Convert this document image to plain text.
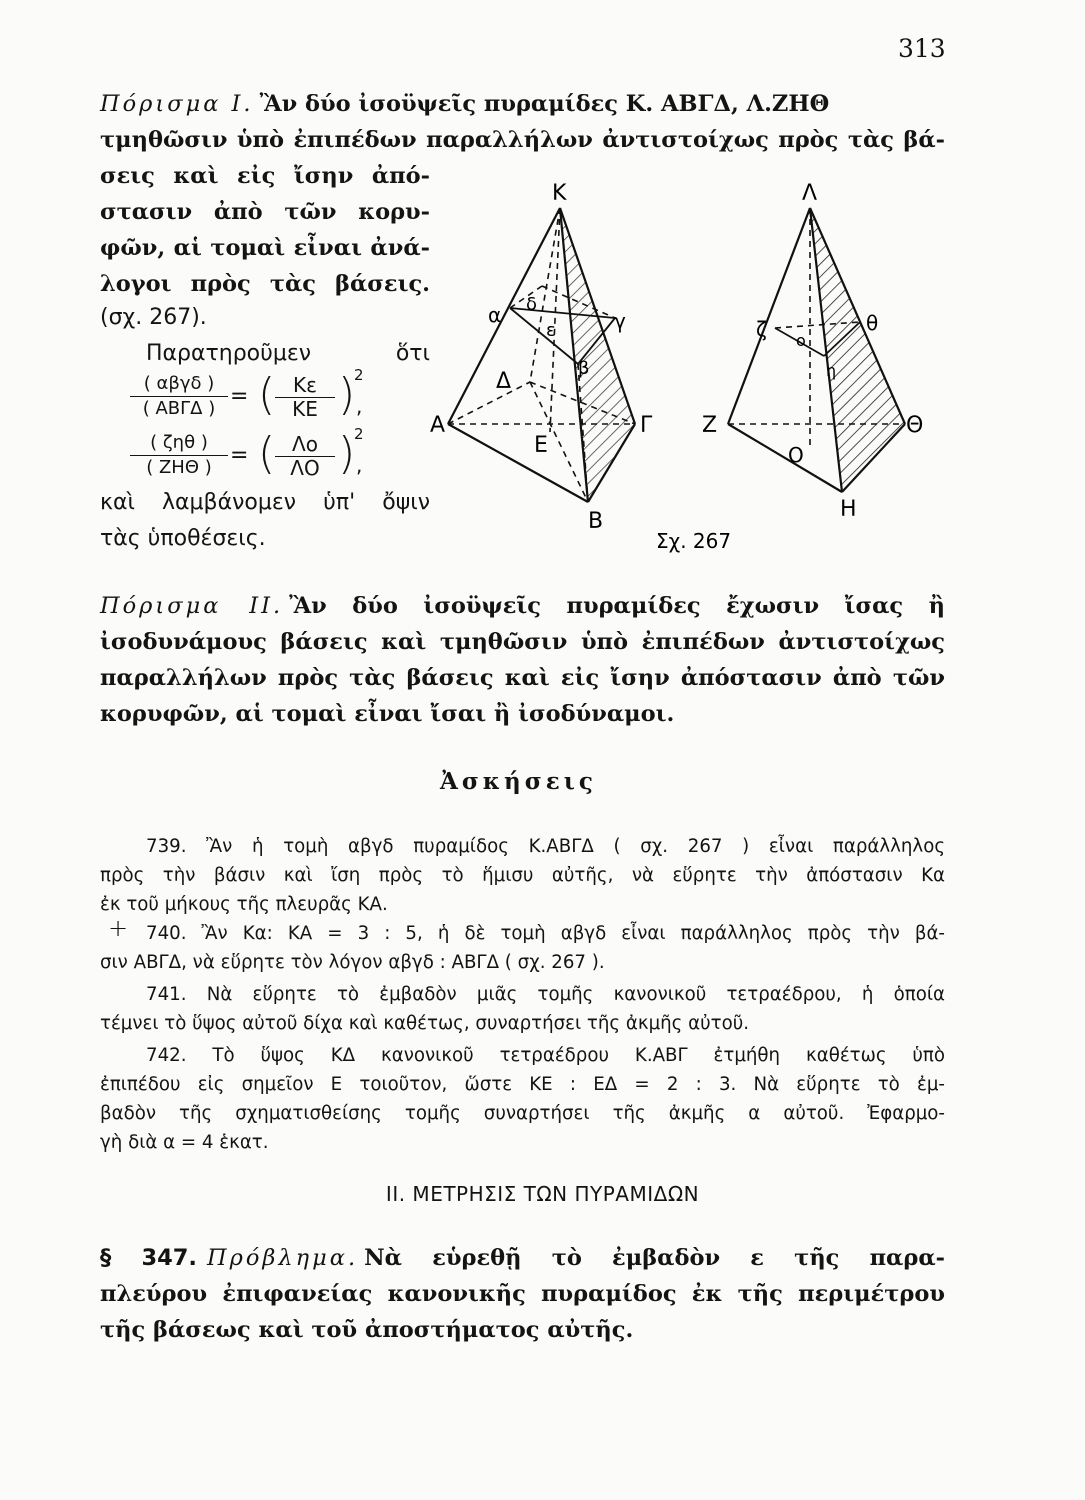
313

Πόρισμα Ι. Ἂν δύο ἰσοϋψεῖς πυραμίδες Κ. ΑΒΓΔ, Λ.ΖΗΘ

τμηθῶσιν ὑπὸ ἐπιπέδων παραλλήλων ἀντιστοίχως πρὸς τὰς βά-

σεις καὶ εἰς ἴσην ἀπό-

στασιν ἀπὸ τῶν κορυ-

φῶν, αἱ τομαὶ εἶναι ἀνά-

λογοι πρὸς τὰς βάσεις.

(σχ. 267).

Παρατηροῦμεν ὅτι

( αβγδ )
( ΑΒΓΔ ) = ( Κε
ΚΕ )
2
,
( ζηθ )
( ΖΗΘ ) = ( Λο
ΛΟ )
2
,

καὶ λαμβάνομεν ὑπ' ὄψιν

τὰς ὑποθέσεις.

Κ
Α
Β
Γ
Δ
Ε
α
β
γ
δ
ε
Λ
Ζ
Η
Θ
Ο
ζ
η
θ
ο
Σχ. 267

Πόρισμα ΙΙ. Ἂν δύο ἰσοϋψεῖς πυραμίδες ἔχωσιν ἴσας ἢ

ἰσοδυνάμους βάσεις καὶ τμηθῶσιν ὑπὸ ἐπιπέδων ἀντιστοίχως

παραλλήλων πρὸς τὰς βάσεις καὶ εἰς ἴσην ἀπόστασιν ἀπὸ τῶν

κορυφῶν, αἱ τομαὶ εἶναι ἴσαι ἢ ἰσοδύναμοι.

Ἀσκήσεις

739. Ἂν ἡ τομὴ αβγδ πυραμίδος Κ.ΑΒΓΔ ( σχ. 267 ) εἶναι παράλληλος

πρὸς τὴν βάσιν καὶ ἴση πρὸς τὸ ἥμισυ αὐτῆς, νὰ εὕρητε τὴν ἀπόστασιν Κα

ἐκ τοῦ μήκους τῆς πλευρᾶς ΚΑ.

+ 740. Ἂν Κα: ΚΑ = 3 : 5, ἡ δὲ τομὴ αβγδ εἶναι παράλληλος πρὸς τὴν βά-

σιν ΑΒΓΔ, νὰ εὕρητε τὸν λόγον αβγδ : ΑΒΓΔ ( σχ. 267 ).

741. Νὰ εὕρητε τὸ ἐμβαδὸν μιᾶς τομῆς κανονικοῦ τετραέδρου, ἡ ὁποία

τέμνει τὸ ὕψος αὐτοῦ δίχα καὶ καθέτως, συναρτήσει τῆς ἀκμῆς αὐτοῦ.

742. Τὸ ὕψος ΚΔ κανονικοῦ τετραέδρου Κ.ΑΒΓ ἐτμήθη καθέτως ὑπὸ

ἐπιπέδου εἰς σημεῖον Ε τοιοῦτον, ὥστε ΚΕ : ΕΔ = 2 : 3. Νὰ εὕρητε τὸ ἐμ-

βαδὸν τῆς σχηματισθείσης τομῆς συναρτήσει τῆς ἀκμῆς α αὐτοῦ. Ἐφαρμο-

γὴ διὰ α = 4 ἑκατ.

ΙΙ. ΜΕΤΡΗΣΙΣ ΤΩΝ ΠΥΡΑΜΙΔΩΝ

§ 347. Πρόβλημα. Νὰ εὑρεθῇ τὸ ἐμβαδὸν ε τῆς παρα-

πλεύρου ἐπιφανείας κανονικῆς πυραμίδος ἐκ τῆς περιμέτρου

τῆς βάσεως καὶ τοῦ ἀποστήματος αὐτῆς.
